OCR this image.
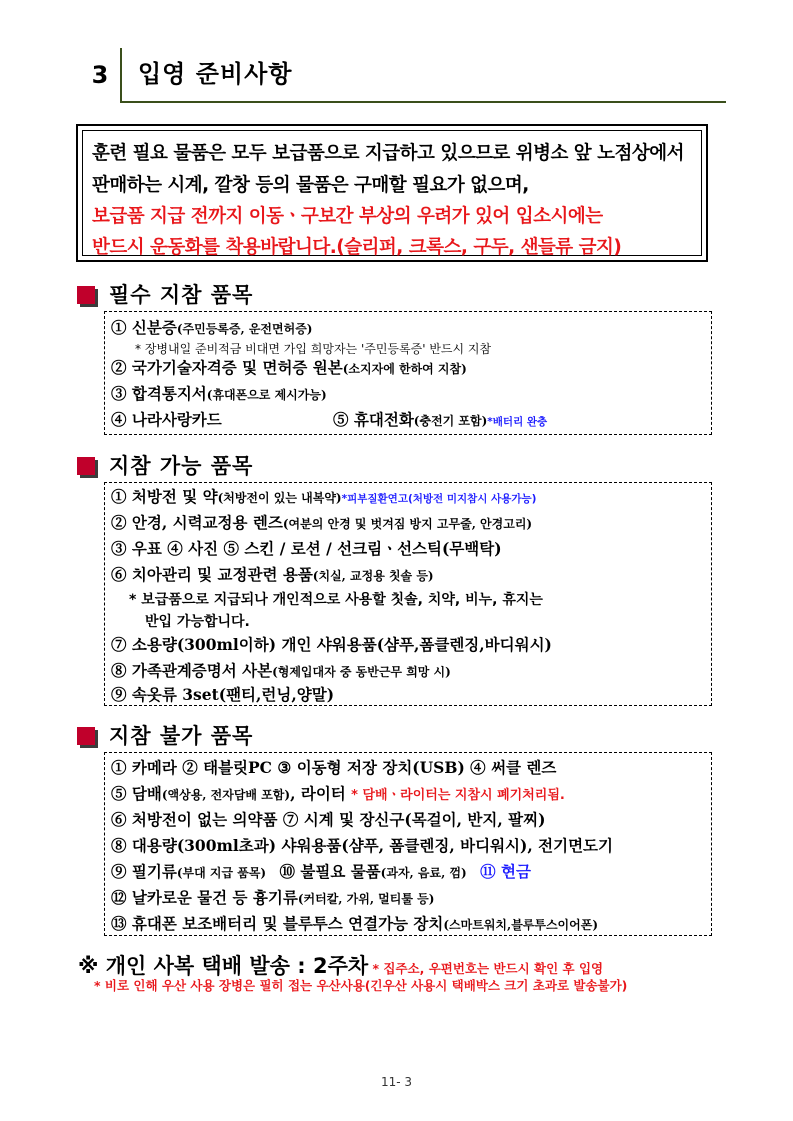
3	입영 준비사항
훈련 필요 물품은 모두 보급품으로 지급하고 있으므로 위병소 앞 노점상에서
판매하는 시계, 깔창 등의 물품은 구매할 필요가 없으며,
보급품 지급 전까지 이동ㆍ구보간 부상의 우려가 있어 입소시에는
반드시 운동화를 착용바랍니다.(슬리퍼, 크록스, 구두, 샌들류 금지)
필수 지참 품목
① 신분증(주민등록증, 운전면허증)
* 장병내일 준비적금 비대면 가입 희망자는 '주민등록증' 반드시 지참
② 국가기술자격증 및 면허증 원본(소지자에 한하여 지참)
③ 합격통지서(휴대폰으로 제시가능)
④ 나라사랑카드	⑤ 휴대전화(충전기 포함)*배터리 완충
지참 가능 품목
① 처방전 및 약(처방전이 있는 내복약)*피부질환연고(처방전 미지참시 사용가능)
② 안경, 시력교정용 렌즈(여분의 안경 및 벗겨짐 방지 고무줄, 안경고리)
③ 우표 ④ 사진 ⑤ 스킨 / 로션 / 선크림ㆍ선스틱(무백탁)
⑥ 치아관리 및 교정관련 용품(치실, 교정용 칫솔 등)
* 보급품으로 지급되나 개인적으로 사용할 칫솔, 치약, 비누, 휴지는
반입 가능합니다.
⑦ 소용량(300ml이하) 개인 샤워용품(샴푸,폼클렌징,바디워시)
⑧ 가족관계증명서 사본(형제입대자 중 동반근무 희망 시)
⑨ 속옷류 3set(팬티,런닝,양말)
지참 불가 품목
① 카메라 ② 태블릿PC ③ 이동형 저장 장치(USB) ④ 써클 렌즈
⑤ 담배(액상용, 전자담배 포함), 라이터 * 담배ㆍ라이터는 지참시 폐기처리됨.
⑥ 처방전이 없는 의약품 ⑦ 시계 및 장신구(목걸이, 반지, 팔찌)
⑧ 대용량(300ml초과) 샤워용품(샴푸, 폼클렌징, 바디워시), 전기면도기
⑨ 필기류(부대 지급 품목) ⑩ 불필요 물품(과자, 음료, 껌) ⑪ 현금
⑫ 날카로운 물건 등 흉기류(커터칼, 가위, 멀티툴 등)
⑬ 휴대폰 보조배터리 및 블루투스 연결가능 장치(스마트워치,블루투스이어폰)
※ 개인 사복 택배 발송 : 2주차 * 집주소, 우편번호는 반드시 확인 후 입영
* 비로 인해 우산 사용 장병은 필히 접는 우산사용(긴우산 사용시 택배박스 크기 초과로 발송불가)
11- 3
